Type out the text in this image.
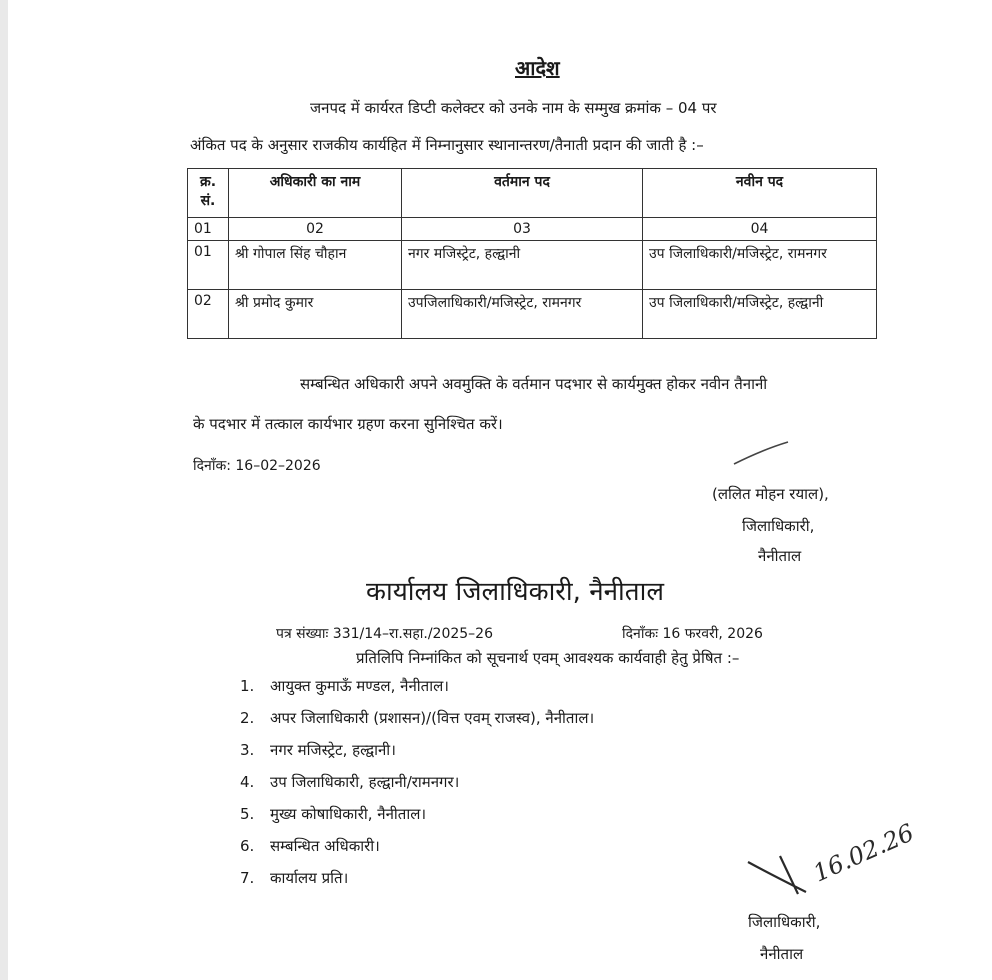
आदेश
जनपद में कार्यरत डिप्टी कलेक्टर को उनके नाम के सम्मुख क्रमांक – 04 पर
अंकित पद के अनुसार राजकीय कार्यहित में निम्नानुसार स्थानान्तरण/तैनाती प्रदान की जाती है :–
क्र. सं.	अधिकारी का नाम	वर्तमान पद	नवीन पद
01	02	03	04
01	श्री गोपाल सिंह चौहान	नगर मजिस्ट्रेट, हल्द्वानी	उप जिलाधिकारी/मजिस्ट्रेट, रामनगर
02	श्री प्रमोद कुमार	उपजिलाधिकारी/मजिस्ट्रेट, रामनगर	उप जिलाधिकारी/मजिस्ट्रेट, हल्द्वानी
सम्बन्धित अधिकारी अपने अवमुक्ति के वर्तमान पदभार से कार्यमुक्त होकर नवीन तैनानी
के पदभार में तत्काल कार्यभार ग्रहण करना सुनिश्चित करें।
दिनाँक: 16–02–2026
(ललित मोहन रयाल),
जिलाधिकारी,
नैनीताल
कार्यालय जिलाधिकारी, नैनीताल
पत्र संख्याः 331/14–रा.सहा./2025–26	दिनाँकः 16 फरवरी, 2026
प्रतिलिपि निम्नांकित को सूचनार्थ एवम् आवश्यक कार्यवाही हेतु प्रेषित :–
1. आयुक्त कुमाऊँ मण्डल, नैनीताल।
2. अपर जिलाधिकारी (प्रशासन)/(वित्त एवम् राजस्व), नैनीताल।
3. नगर मजिस्ट्रेट, हल्द्वानी।
4. उप जिलाधिकारी, हल्द्वानी/रामनगर।
5. मुख्य कोषाधिकारी, नैनीताल।
6. सम्बन्धित अधिकारी।
7. कार्यालय प्रति।	16.02.26
जिलाधिकारी,
नैनीताल
